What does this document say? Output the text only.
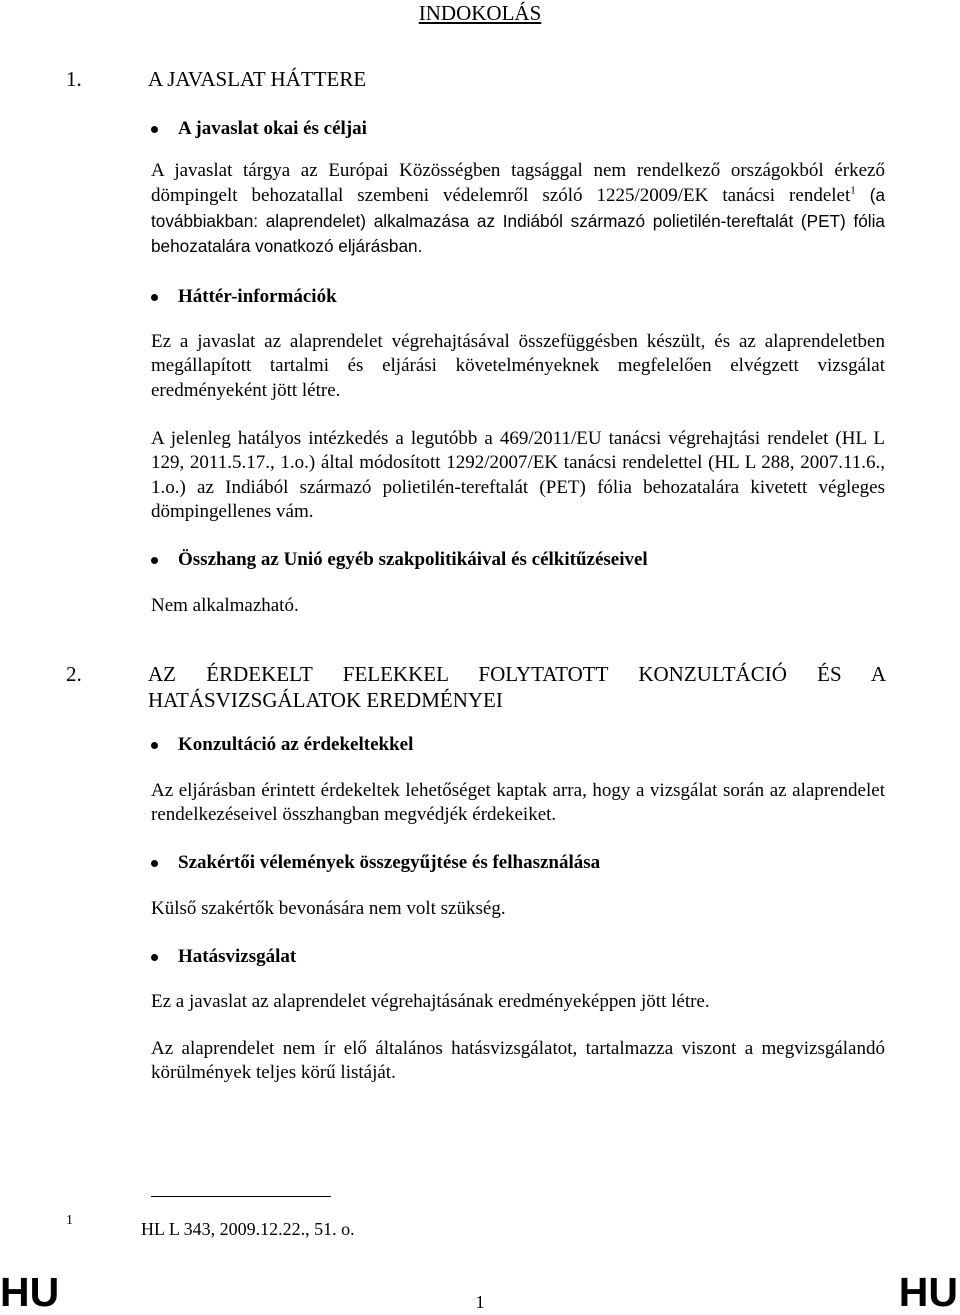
INDOKOLÁS
1.	A JAVASLAT HÁTTERE
A javaslat okai és céljai

A javaslat tárgya az Európai Közösségben tagsággal nem rendelkező országokból érkező dömpingelt behozatallal szembeni védelemről szóló 1225/2009/EK tanácsi rendelet$^1$ (a továbbiakban: alaprendelet) alkalmazása az Indiából származó polietilén-tereftalát (PET) fólia behozatalára vonatkozó eljárásban.

Háttér-információk

Ez a javaslat az alaprendelet végrehajtásával összefüggésben készült, és az alaprendeletben megállapított tartalmi és eljárási követelményeknek megfelelően elvégzett vizsgálat eredményeként jött létre.

A jelenleg hatályos intézkedés a legutóbb a 469/2011/EU tanácsi végrehajtási rendelet (HL L 129, 2011.5.17., 1.o.) által módosított 1292/2007/EK tanácsi rendelettel (HL L 288, 2007.11.6., 1.o.) az Indiából származó polietilén-tereftalát (PET) fólia behozatalára kivetett végleges dömpingellenes vám.

Összhang az Unió egyéb szakpolitikáival és célkitűzéseivel

Nem alkalmazható.

2.	AZ ÉRDEKELT FELEKKEL FOLYTATOTT KONZULTÁCIÓ ÉS A HATÁSVIZSGÁLATOK EREDMÉNYEI
Konzultáció az érdekeltekkel

Az eljárásban érintett érdekeltek lehetőséget kaptak arra, hogy a vizsgálat során az alaprendelet rendelkezéseivel összhangban megvédjék érdekeiket.

Szakértői vélemények összegyűjtése és felhasználása

Külső szakértők bevonására nem volt szükség.

Hatásvizsgálat

Ez a javaslat az alaprendelet végrehajtásának eredményeképpen jött létre.

Az alaprendelet nem ír elő általános hatásvizsgálatot, tartalmazza viszont a megvizsgálandó körülmények teljes körű listáját.

1	HL L 343, 2009.12.22., 51. o.
HU	1	HU
